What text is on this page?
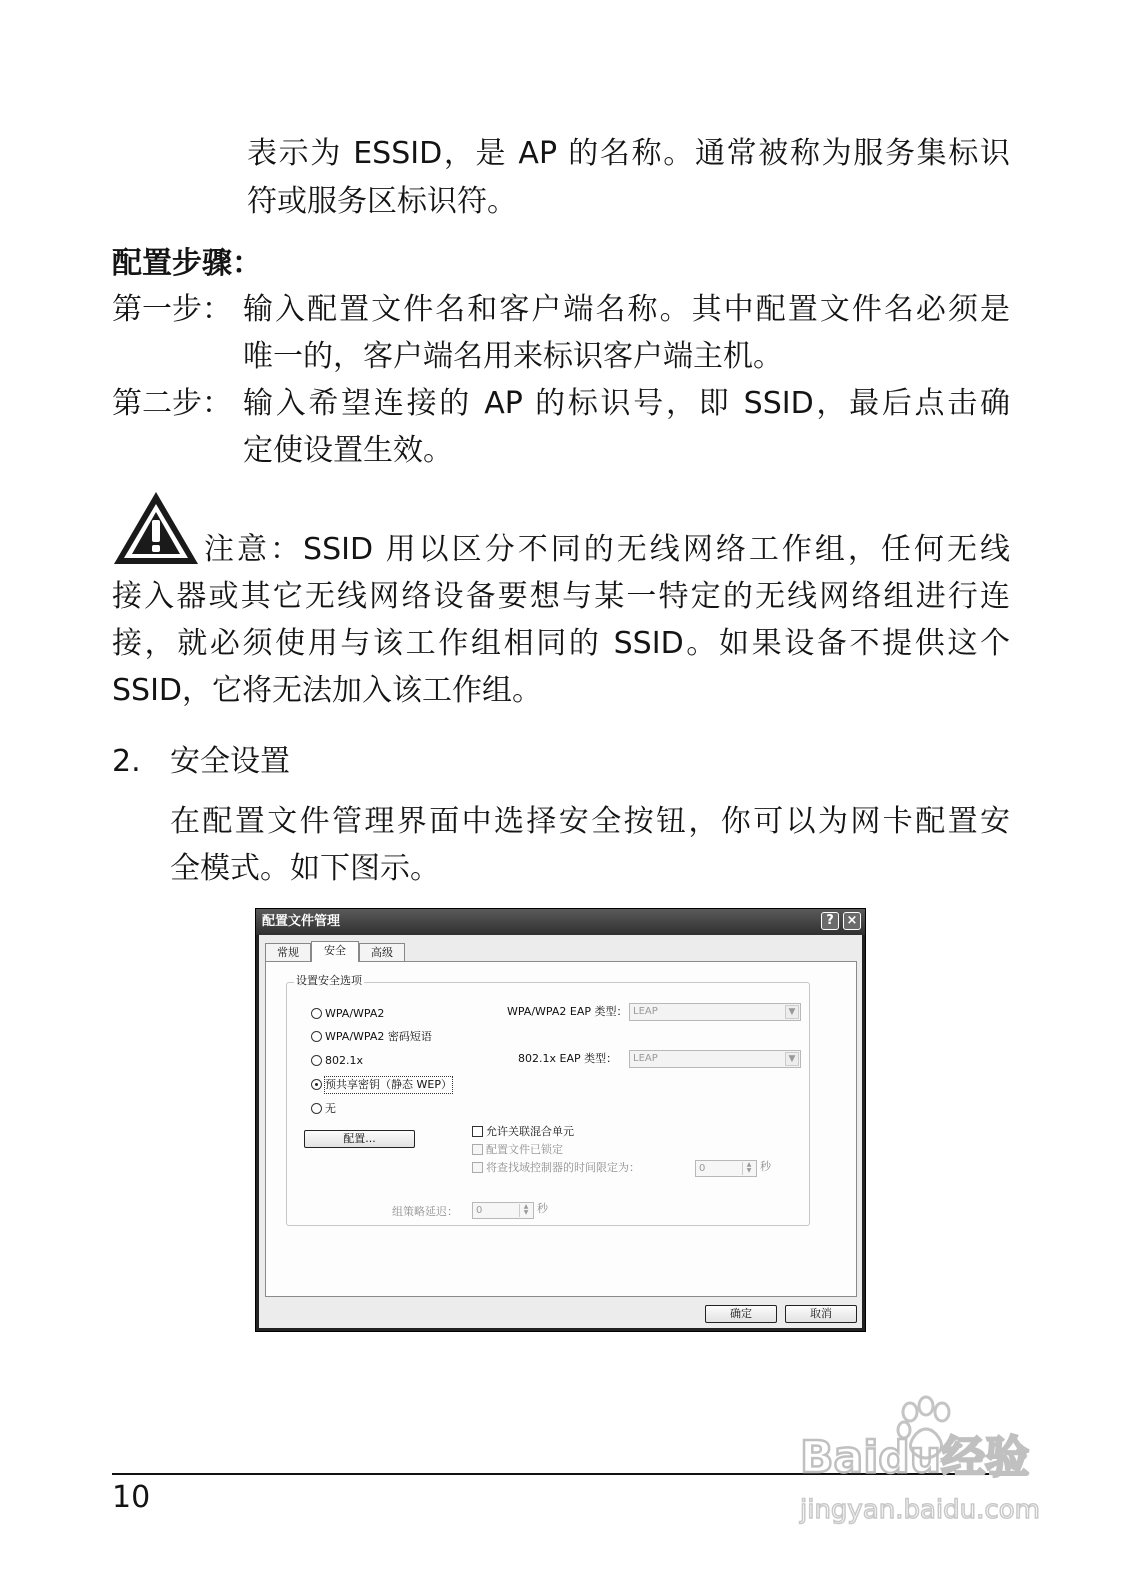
表示为 ESSID，是 AP 的名称。通常被称为服务集标识
符或服务区标识符。
配置步骤：
第一步： 输入配置文件名和客户端名称。其中配置文件名必须是
唯一的，客户端名用来标识客户端主机。
第二步： 输入希望连接的 AP 的标识号，即 SSID，最后点击确
定使设置生效。
注意：SSID 用以区分不同的无线网络工作组，任何无线
接入器或其它无线网络设备要想与某一特定的无线网络组进行连
接，就必须使用与该工作组相同的 SSID。如果设备不提供这个
SSID，它将无法加入该工作组。
2. 安全设置
在配置文件管理界面中选择安全按钮，你可以为网卡配置安
全模式。如下图示。
配置文件管理	? ×
常规	安全	高级
设置安全选项
WPA/WPA2
WPA/WPA2 密码短语
802.1x
预共享密钥（静态 WEP）
无
WPA/WPA2 EAP 类型： LEAP	▼
802.1x EAP 类型： LEAP	▼
配置...
允许关联混合单元
配置文件已锁定
将查找域控制器的时间限定为：	0	▲
▼ 秒
组策略延迟： 0	▲
▼ 秒
确定	取消
10
Baidu经验
jingyan.baidu.com
